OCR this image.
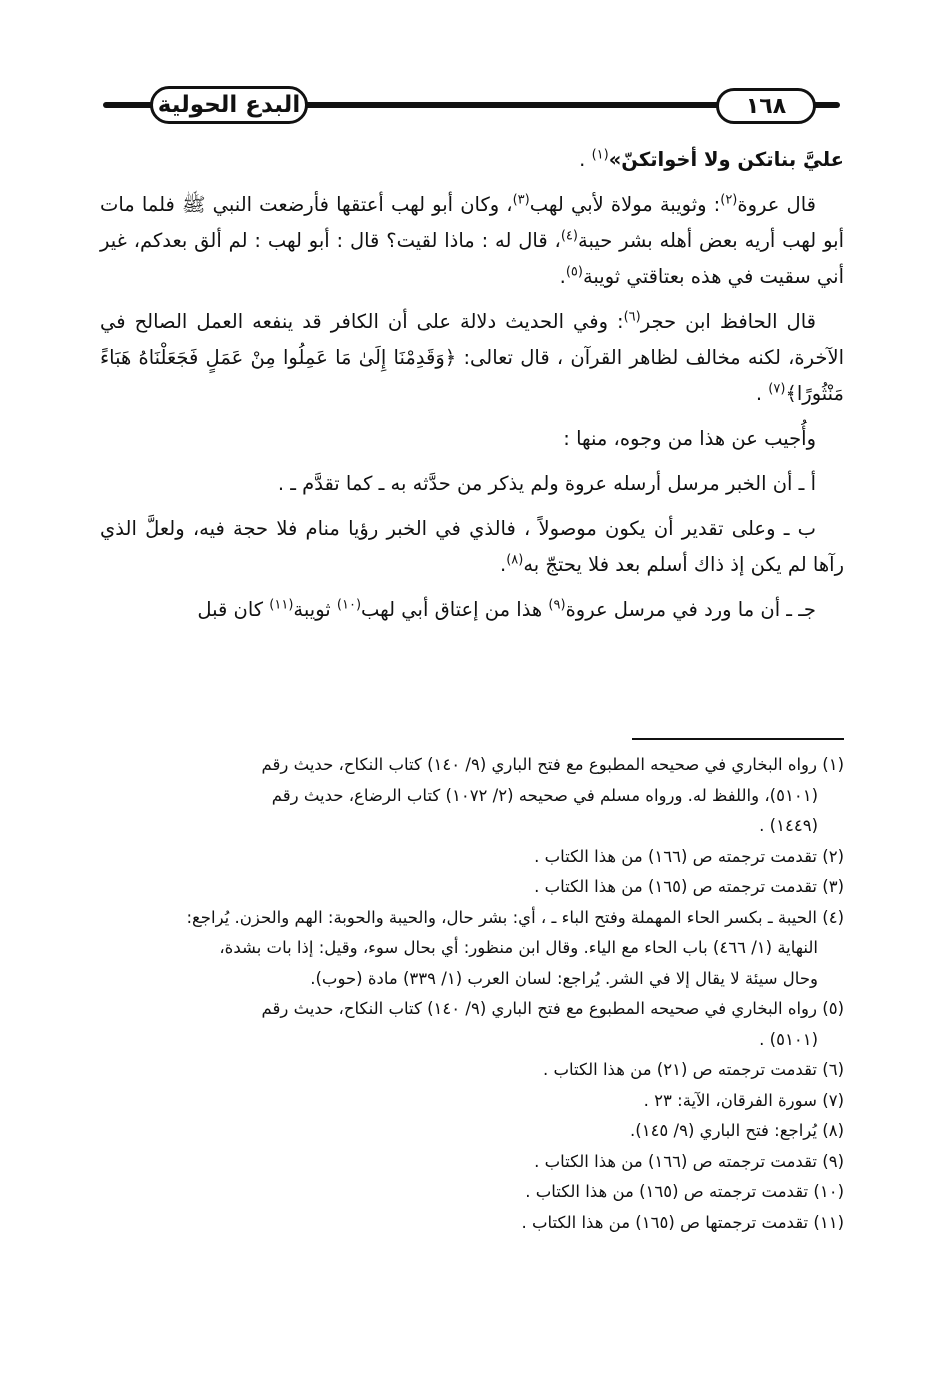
البدع الحولية	١٦٨

عليَّ بناتكن ولا أخواتكنّ»$^{(١)}$ .

قال عروة$^{(٢)}$: وثويبة مولاة لأبي لهب$^{(٣)}$، وكان أبو لهب أعتقها فأرضعت النبي ﷺ فلما مات أبو لهب أريه بعض أهله بشر حيبة$^{(٤)}$، قال له : ماذا لقيت؟ قال : أبو لهب : لم ألق بعدكم، غير أني سقيت في هذه بعتاقتي ثويبة$^{(٥)}$.

قال الحافظ ابن حجر$^{(٦)}$: وفي الحديث دلالة على أن الكافر قد ينفعه العمل الصالح في الآخرة، لكنه مخالف لظاهر القرآن ، قال تعالى: ﴿وَقَدِمْنَا إِلَىٰ مَا عَمِلُوا مِنْ عَمَلٍ فَجَعَلْنَاهُ هَبَاءً مَنْثُورًا﴾$^{(٧)}$ .

وأُجيب عن هذا من وجوه، منها :

أ ـ أن الخبر مرسل أرسله عروة ولم يذكر من حدَّثه به ـ كما تقدَّم ـ .

ب ـ وعلى تقدير أن يكون موصولاً ، فالذي في الخبر رؤيا منام فلا حجة فيه، ولعلَّ الذي رآها لم يكن إذ ذاك أسلم بعد فلا يحتجّ به$^{(٨)}$.

جـ ـ أن ما ورد في مرسل عروة$^{(٩)}$ هذا من إعتاق أبي لهب$^{(١٠)}$ ثويبة$^{(١١)}$ كان قبل

(١) رواه البخاري في صحيحه المطبوع مع فتح الباري (٩/ ١٤٠) كتاب النكاح، حديث رقم
(٥١٠١)، واللفظ له. ورواه مسلم في صحيحه (٢/ ١٠٧٢) كتاب الرضاع، حديث رقم
(١٤٤٩) .
(٢) تقدمت ترجمته ص (١٦٦) من هذا الكتاب .
(٣) تقدمت ترجمته ص (١٦٥) من هذا الكتاب .
(٤) الحيبة ـ بكسر الحاء المهملة وفتح الباء ـ ، أي: بشر حال، والحيبة والحوبة: الهم والحزن. يُراجع:
النهاية (١/ ٤٦٦) باب الحاء مع الياء. وقال ابن منظور: أي بحال سوء، وقيل: إذا بات بشدة،
وحال سيئة لا يقال إلا في الشر. يُراجع: لسان العرب (١/ ٣٣٩) مادة (حوب).
(٥) رواه البخاري في صحيحه المطبوع مع فتح الباري (٩/ ١٤٠) كتاب النكاح، حديث رقم
(٥١٠١) .
(٦) تقدمت ترجمته ص (٢١) من هذا الكتاب .
(٧) سورة الفرقان، الآية: ٢٣ .
(٨) يُراجع: فتح الباري (٩/ ١٤٥).
(٩) تقدمت ترجمته ص (١٦٦) من هذا الكتاب .
(١٠) تقدمت ترجمته ص (١٦٥) من هذا الكتاب .
(١١) تقدمت ترجمتها ص (١٦٥) من هذا الكتاب .
